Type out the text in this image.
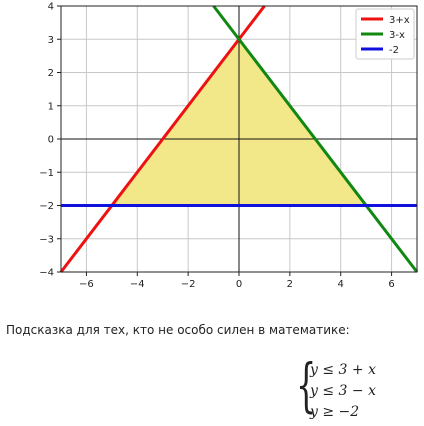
−6	−4	−2	0	2	4	6
−4
−3
−2
−1
0
1
2
3
4
3+x
3-x
-2
Подсказка для тех, кто не особо силен в математике:
{
y ≤ 3 + x
y ≤ 3 − x
y ≥ −2
